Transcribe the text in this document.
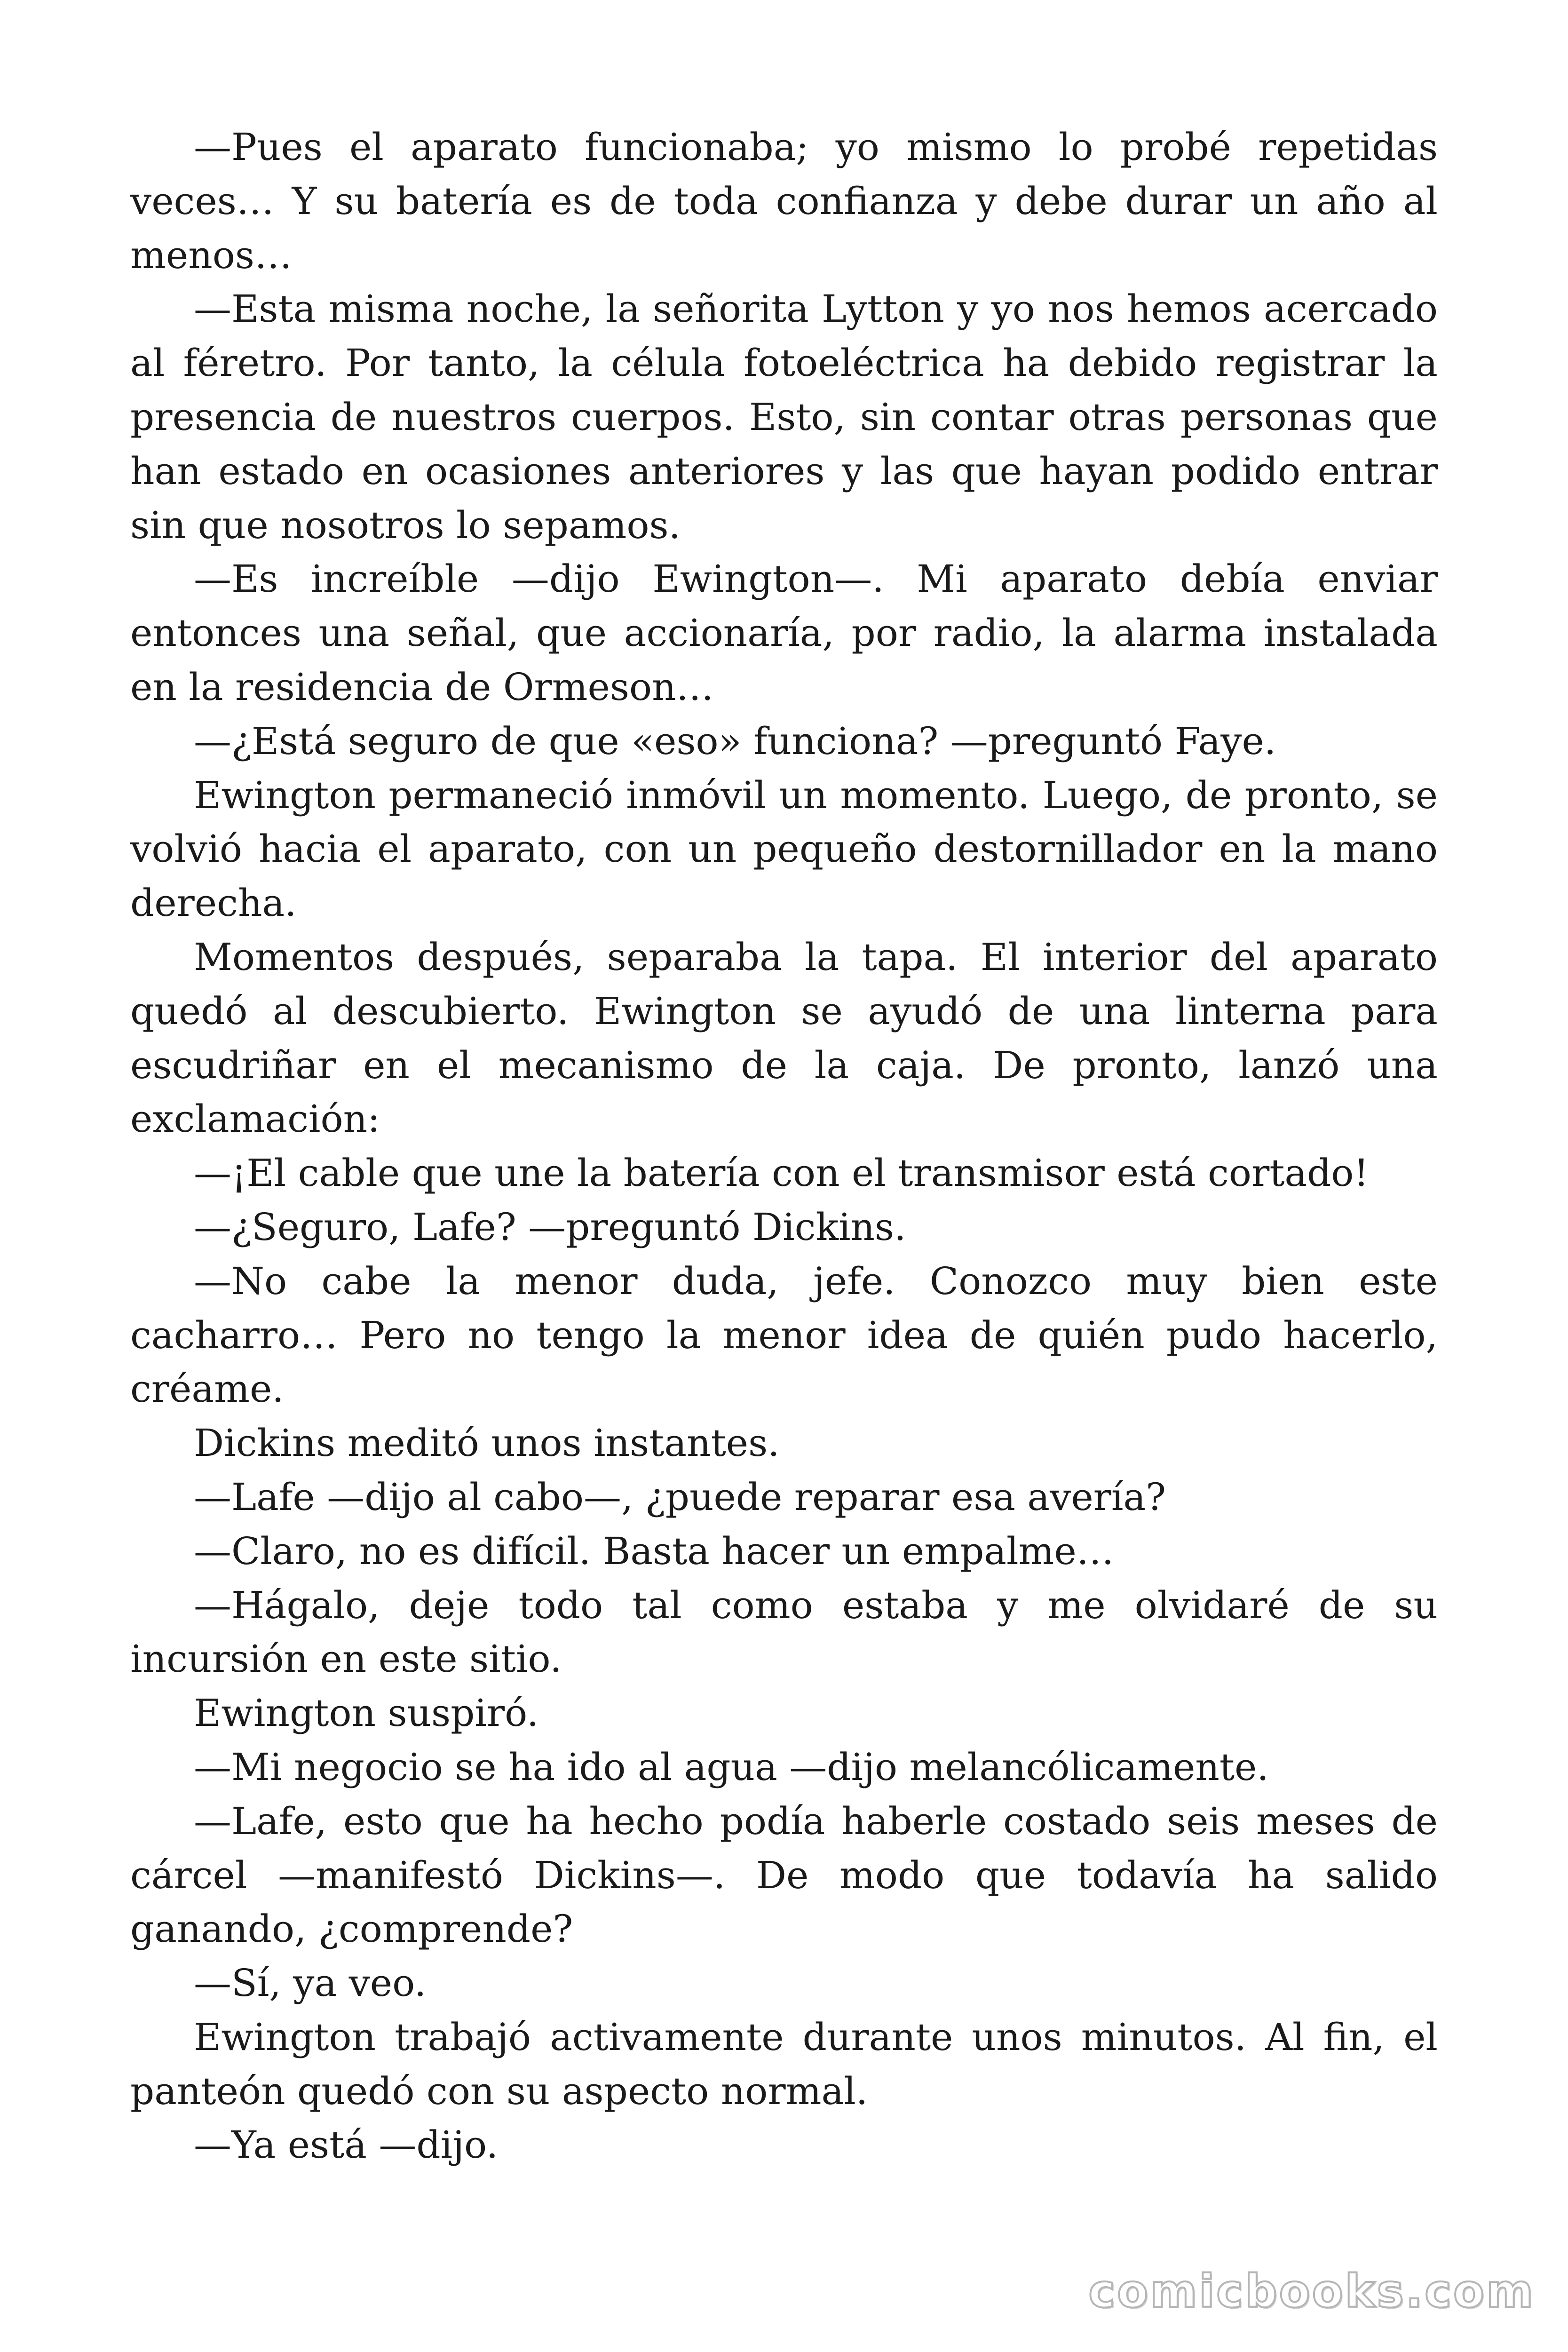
—Pues el aparato funcionaba; yo mismo lo probé repetidas veces… Y su batería es de toda confianza y debe durar un año al menos…

—Esta misma noche, la señorita Lytton y yo nos hemos acercado al féretro. Por tanto, la célula fotoeléctrica ha debido registrar la presencia de nuestros cuerpos. Esto, sin contar otras personas que han estado en ocasiones anteriores y las que hayan podido entrar sin que nosotros lo sepamos.

—Es increíble —dijo Ewington—. Mi aparato debía enviar entonces una señal, que accionaría, por radio, la alarma instalada en la residencia de Ormeson…

—¿Está seguro de que «eso» funciona? —preguntó Faye.

Ewington permaneció inmóvil un momento. Luego, de pronto, se volvió hacia el aparato, con un pequeño destornillador en la mano derecha.

Momentos después, separaba la tapa. El interior del aparato quedó al descubierto. Ewington se ayudó de una linterna para escudriñar en el mecanismo de la caja. De pronto, lanzó una exclamación:

—¡El cable que une la batería con el transmisor está cortado!

—¿Seguro, Lafe? —preguntó Dickins.

—No cabe la menor duda, jefe. Conozco muy bien este cacharro… Pero no tengo la menor idea de quién pudo hacerlo, créame.

Dickins meditó unos instantes.

—Lafe —dijo al cabo—, ¿puede reparar esa avería?

—Claro, no es difícil. Basta hacer un empalme…

—Hágalo, deje todo tal como estaba y me olvidaré de su incursión en este sitio.

Ewington suspiró.

—Mi negocio se ha ido al agua —dijo melancólicamente.

—Lafe, esto que ha hecho podía haberle costado seis meses de cárcel —manifestó Dickins—. De modo que todavía ha salido ganando, ¿comprende?

—Sí, ya veo.

Ewington trabajó activamente durante unos minutos. Al fin, el panteón quedó con su aspecto normal.

—Ya está —dijo.

comicbooks.com
